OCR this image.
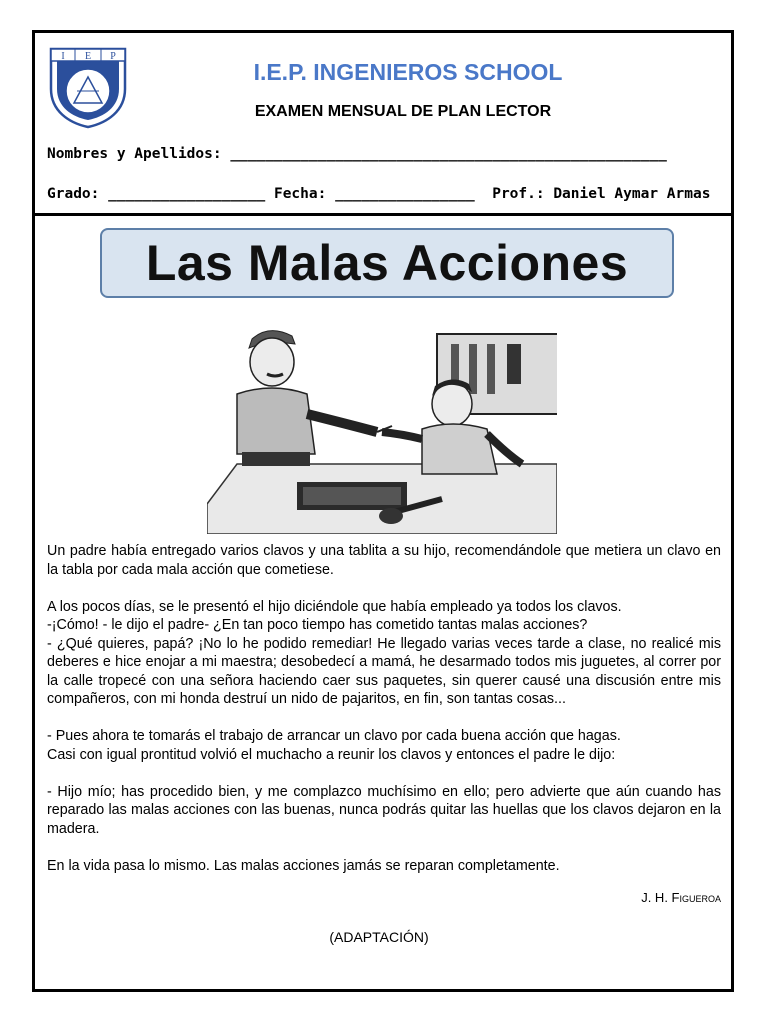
I E P
I.E.P. INGENIEROS SCHOOL
EXAMEN MENSUAL DE PLAN LECTOR
Nombres y Apellidos: __________________________________________________
Grado: __________________ Fecha: ________________  Prof.: Daniel Aymar Armas
Las Malas Acciones

Un padre había entregado varios clavos y una tablita a su hijo, recomendándole que metiera un clavo en la tabla por cada mala acción que cometiese.

A los pocos días, se le presentó el hijo diciéndole que había empleado ya todos los clavos.

-¡Cómo! - le dijo el padre- ¿En tan poco tiempo has cometido tantas malas acciones?

- ¿Qué quieres, papá? ¡No lo he podido remediar! He llegado varias veces tarde a clase, no realicé mis deberes e hice enojar a mi maestra; desobedecí a mamá, he desarmado todos mis juguetes, al correr por la calle tropecé con una señora haciendo caer sus paquetes, sin querer causé una discusión entre mis compañeros, con mi honda destruí un nido de pajaritos, en fin, son tantas cosas...

- Pues ahora te tomarás el trabajo de arrancar un clavo por cada buena acción que hagas.

Casi con igual prontitud volvió el muchacho a reunir los clavos y entonces el padre le dijo:

- Hijo mío; has procedido bien, y me complazco muchísimo en ello; pero advierte que aún cuando has reparado las malas acciones con las buenas, nunca podrás quitar las huellas que los clavos dejaron en la madera.

En la vida pasa lo mismo. Las malas acciones jamás se reparan completamente.

J. H. Figueroa
(ADAPTACIÓN)
